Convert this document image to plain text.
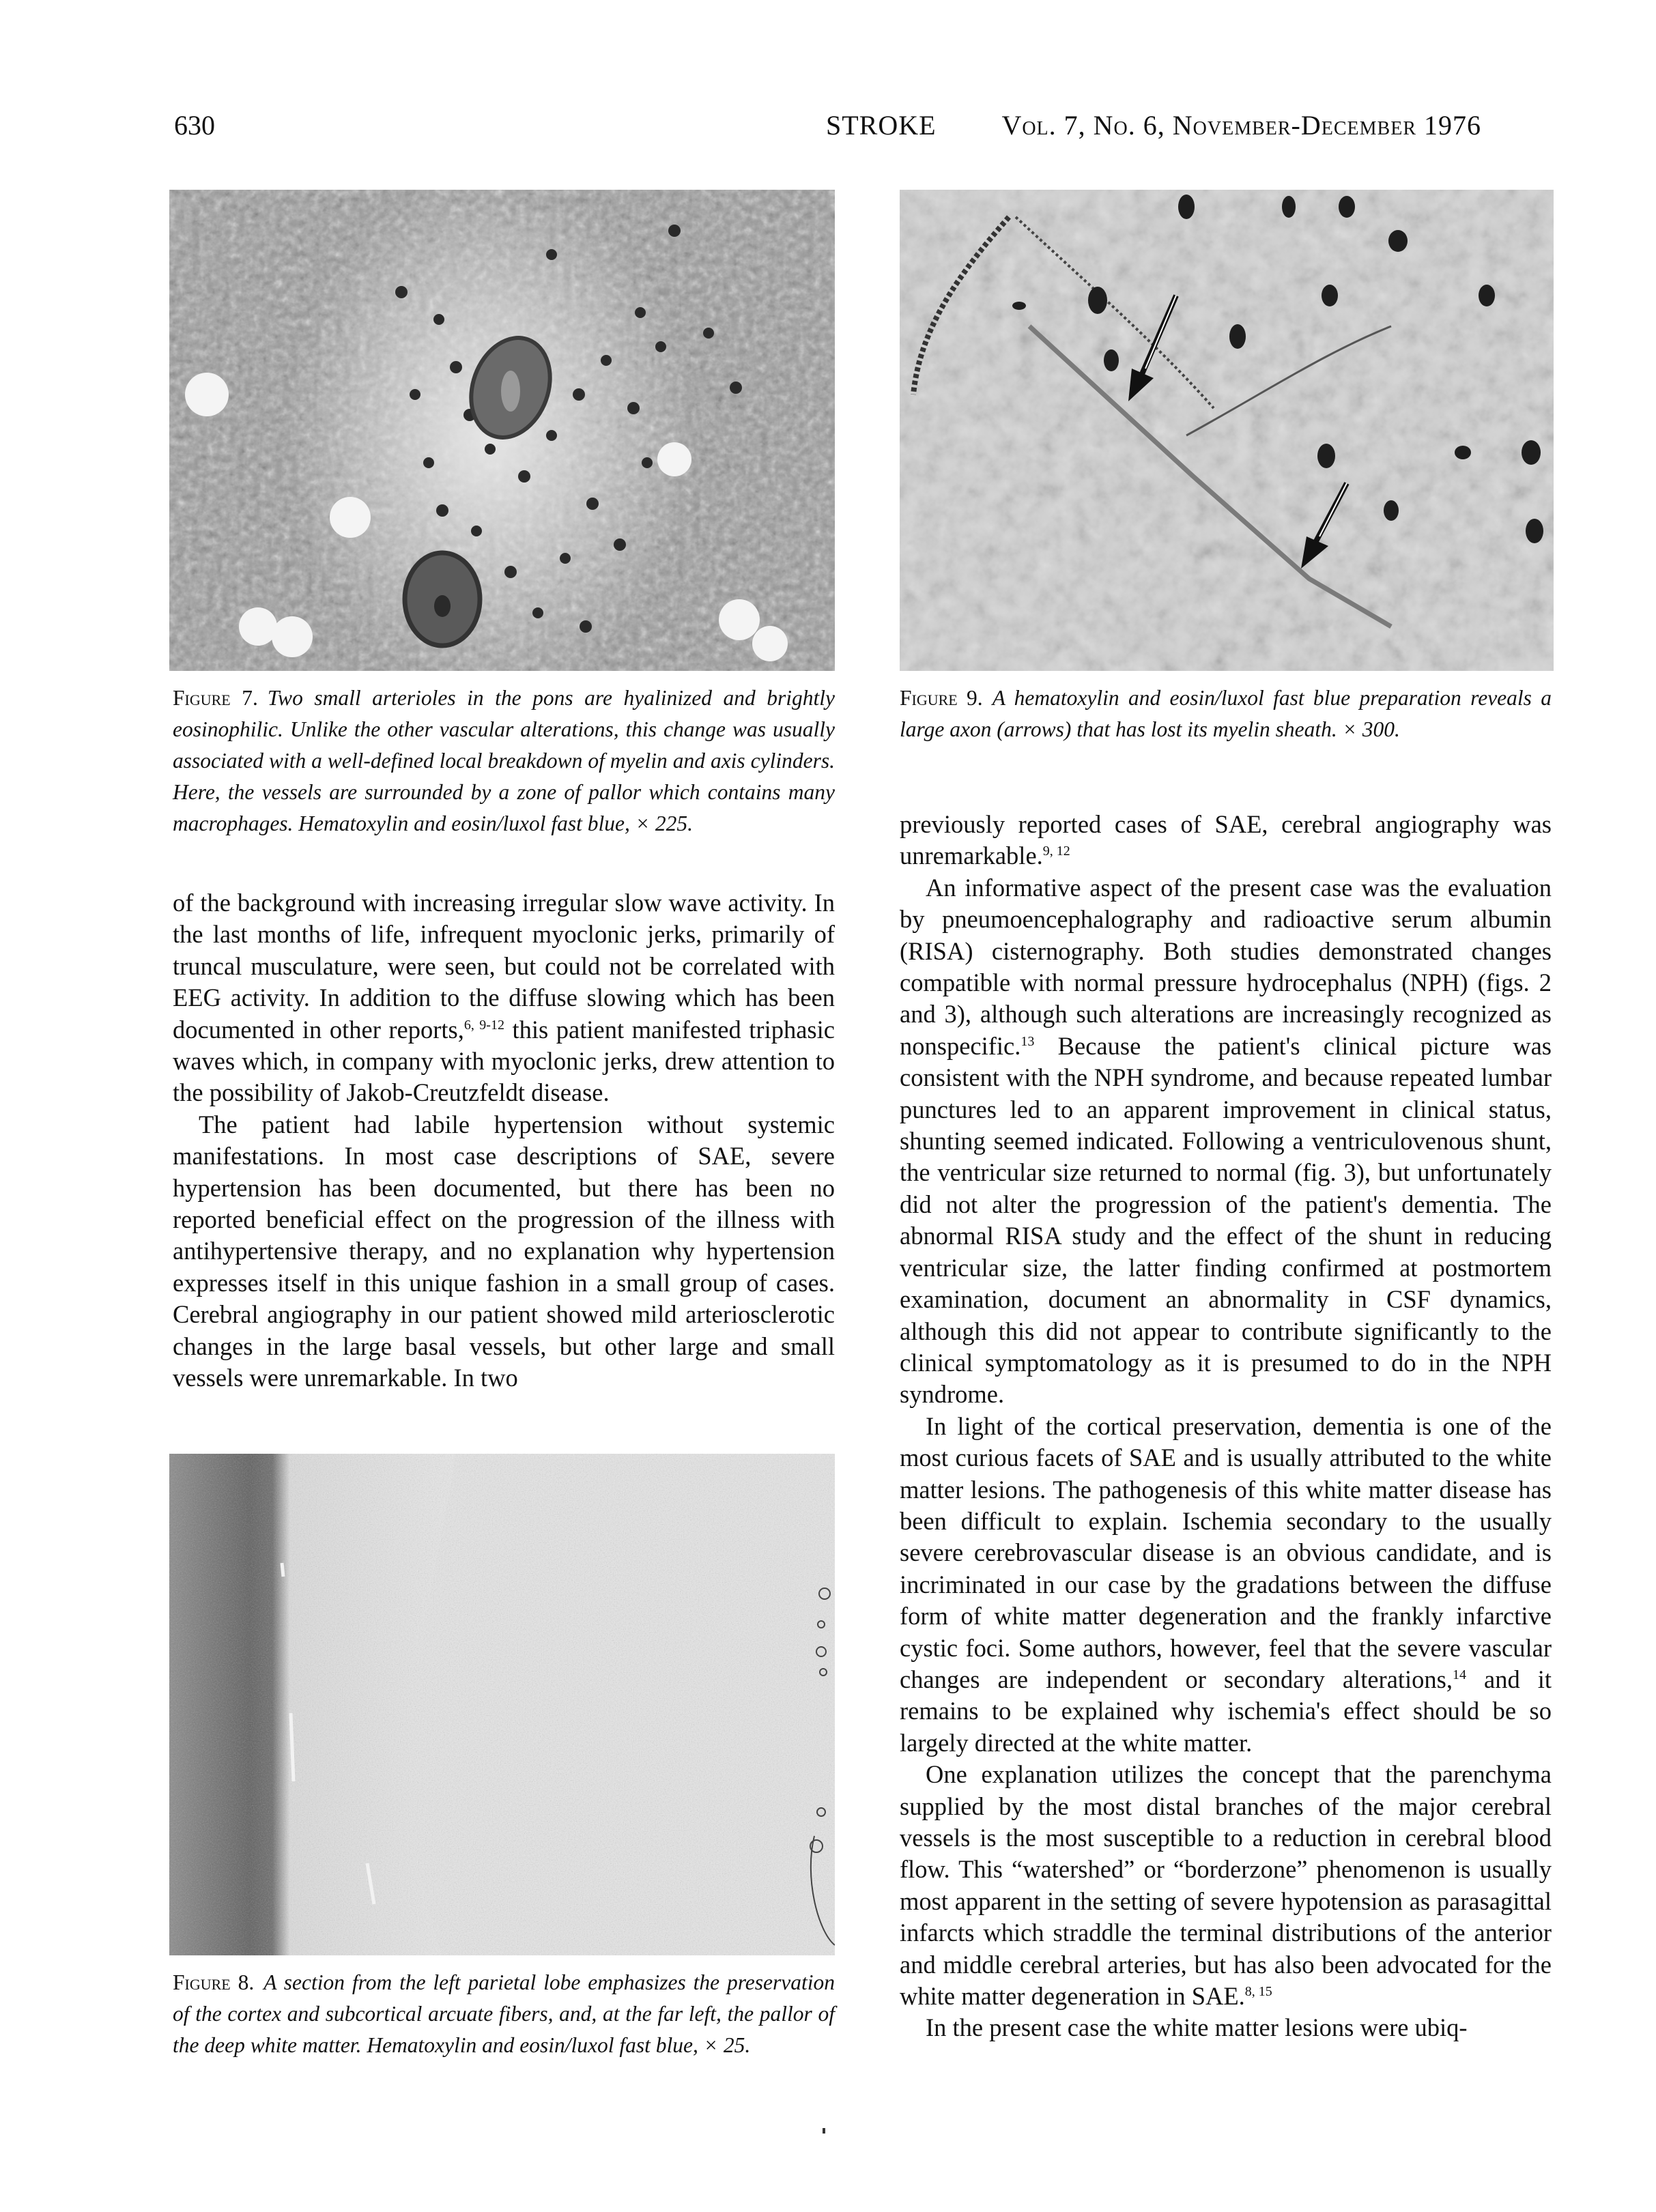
630	STROKE Vol. 7, No. 6, November-December 1976
Figure 7. Two small arterioles in the pons are hyalinized and brightly eosinophilic. Unlike the other vascular alterations, this change was usually associated with a well-defined local breakdown of myelin and axis cylinders. Here, the vessels are surrounded by a zone of pallor which contains many macrophages. Hematoxylin and eosin/luxol fast blue, × 225.
Figure 9. A hematoxylin and eosin/luxol fast blue preparation reveals a large axon (arrows) that has lost its myelin sheath. × 300.
Figure 8. A section from the left parietal lobe emphasizes the preservation of the cortex and subcortical arcuate fibers, and, at the far left, the pallor of the deep white matter. Hematoxylin and eosin/luxol fast blue, × 25.

of the background with increasing irregular slow wave activity. In the last months of life, infrequent myoclonic jerks, primarily of truncal musculature, were seen, but could not be correlated with EEG activity. In addition to the diffuse slowing which has been documented in other reports,$^{6, 9-12}$ this patient manifested triphasic waves which, in company with myoclonic jerks, drew attention to the possibility of Jakob-Creutzfeldt disease.

The patient had labile hypertension without systemic manifestations. In most case descriptions of SAE, severe hypertension has been documented, but there has been no reported beneficial effect on the progression of the illness with antihypertensive therapy, and no explanation why hypertension expresses itself in this unique fashion in a small group of cases. Cerebral angiography in our patient showed mild arteriosclerotic changes in the large basal vessels, but other large and small vessels were unremarkable. In two

previously reported cases of SAE, cerebral angiography was unremarkable.$^{9, 12}$

An informative aspect of the present case was the evaluation by pneumoencephalography and radioactive serum albumin (RISA) cisternography. Both studies demonstrated changes compatible with normal pressure hydrocephalus (NPH) (figs. 2 and 3), although such alterations are increasingly recognized as nonspecific.$^{13}$ Because the patient's clinical picture was consistent with the NPH syndrome, and because repeated lumbar punctures led to an apparent improvement in clinical status, shunting seemed indicated. Following a ventriculovenous shunt, the ventricular size returned to normal (fig. 3), but unfortunately did not alter the progression of the patient's dementia. The abnormal RISA study and the effect of the shunt in reducing ventricular size, the latter finding confirmed at postmortem examination, document an abnormality in CSF dynamics, although this did not appear to contribute significantly to the clinical symptomatology as it is presumed to do in the NPH syndrome.

In light of the cortical preservation, dementia is one of the most curious facets of SAE and is usually attributed to the white matter lesions. The pathogenesis of this white matter disease has been difficult to explain. Ischemia secondary to the usually severe cerebrovascular disease is an obvious candidate, and is incriminated in our case by the gradations between the diffuse form of white matter degeneration and the frankly infarctive cystic foci. Some authors, however, feel that the severe vascular changes are independent or secondary alterations,$^{14}$ and it remains to be explained why ischemia's effect should be so largely directed at the white matter.

One explanation utilizes the concept that the parenchyma supplied by the most distal branches of the major cerebral vessels is the most susceptible to a reduction in cerebral blood flow. This “watershed” or “borderzone” phenomenon is usually most apparent in the setting of severe hypotension as parasagittal infarcts which straddle the terminal distributions of the anterior and middle cerebral arteries, but has also been advocated for the white matter degeneration in SAE.$^{8, 15}$

In the present case the white matter lesions were ubiq-
